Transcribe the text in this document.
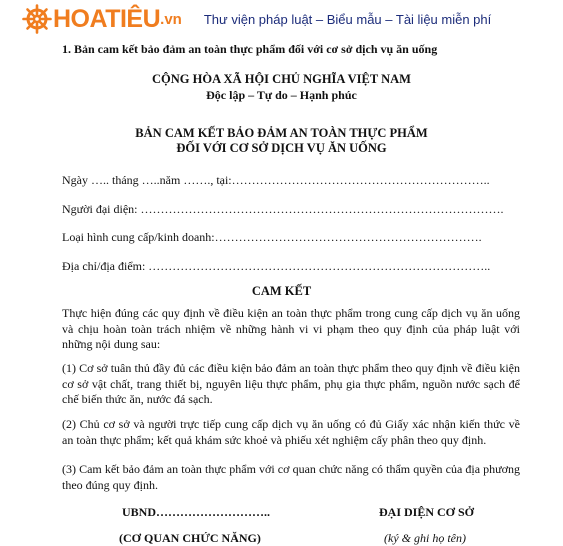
HOATIÊU .vn Thư viện pháp luật – Biểu mẫu – Tài liệu miễn phí
1. Bản cam kết bảo đảm an toàn thực phẩm đối với cơ sở dịch vụ ăn uống
CỘNG HÒA XÃ HỘI CHỦ NGHĨA VIỆT NAM
Độc lập – Tự do – Hạnh phúc
BẢN CAM KẾT BẢO ĐẢM AN TOÀN THỰC PHẨM
ĐỐI VỚI CƠ SỞ DỊCH VỤ ĂN UỐNG
Ngày ….. tháng …..năm ……., tại:………………………………………………………..
Người đại diện: ……………………………………………………………………………….
Loại hình cung cấp/kinh doanh:………………………………………………………….
Địa chỉ/địa điểm: …………………………………………………………………………..
CAM KẾT
Thực hiện đúng các quy định về điều kiện an toàn thực phẩm trong cung cấp dịch vụ ăn uống và chịu hoàn toàn trách nhiệm về những hành vi vi phạm theo quy định của pháp luật với những nội dung sau:
(1) Cơ sở tuân thủ đầy đủ các điều kiện bảo đảm an toàn thực phẩm theo quy định về điều kiện cơ sở vật chất, trang thiết bị, nguyên liệu thực phẩm, phụ gia thực phẩm, nguồn nước sạch để chế biến thức ăn, nước đá sạch.
(2) Chủ cơ sở và người trực tiếp cung cấp dịch vụ ăn uống có đủ Giấy xác nhận kiến thức về an toàn thực phẩm; kết quả khám sức khoẻ và phiếu xét nghiệm cấy phân theo quy định.
(3) Cam kết bảo đảm an toàn thực phẩm với cơ quan chức năng có thẩm quyền của địa phương theo đúng quy định.
UBND………………………..	ĐẠI DIỆN CƠ SỞ
(CƠ QUAN CHỨC NĂNG)	(ký & ghi họ tên)
